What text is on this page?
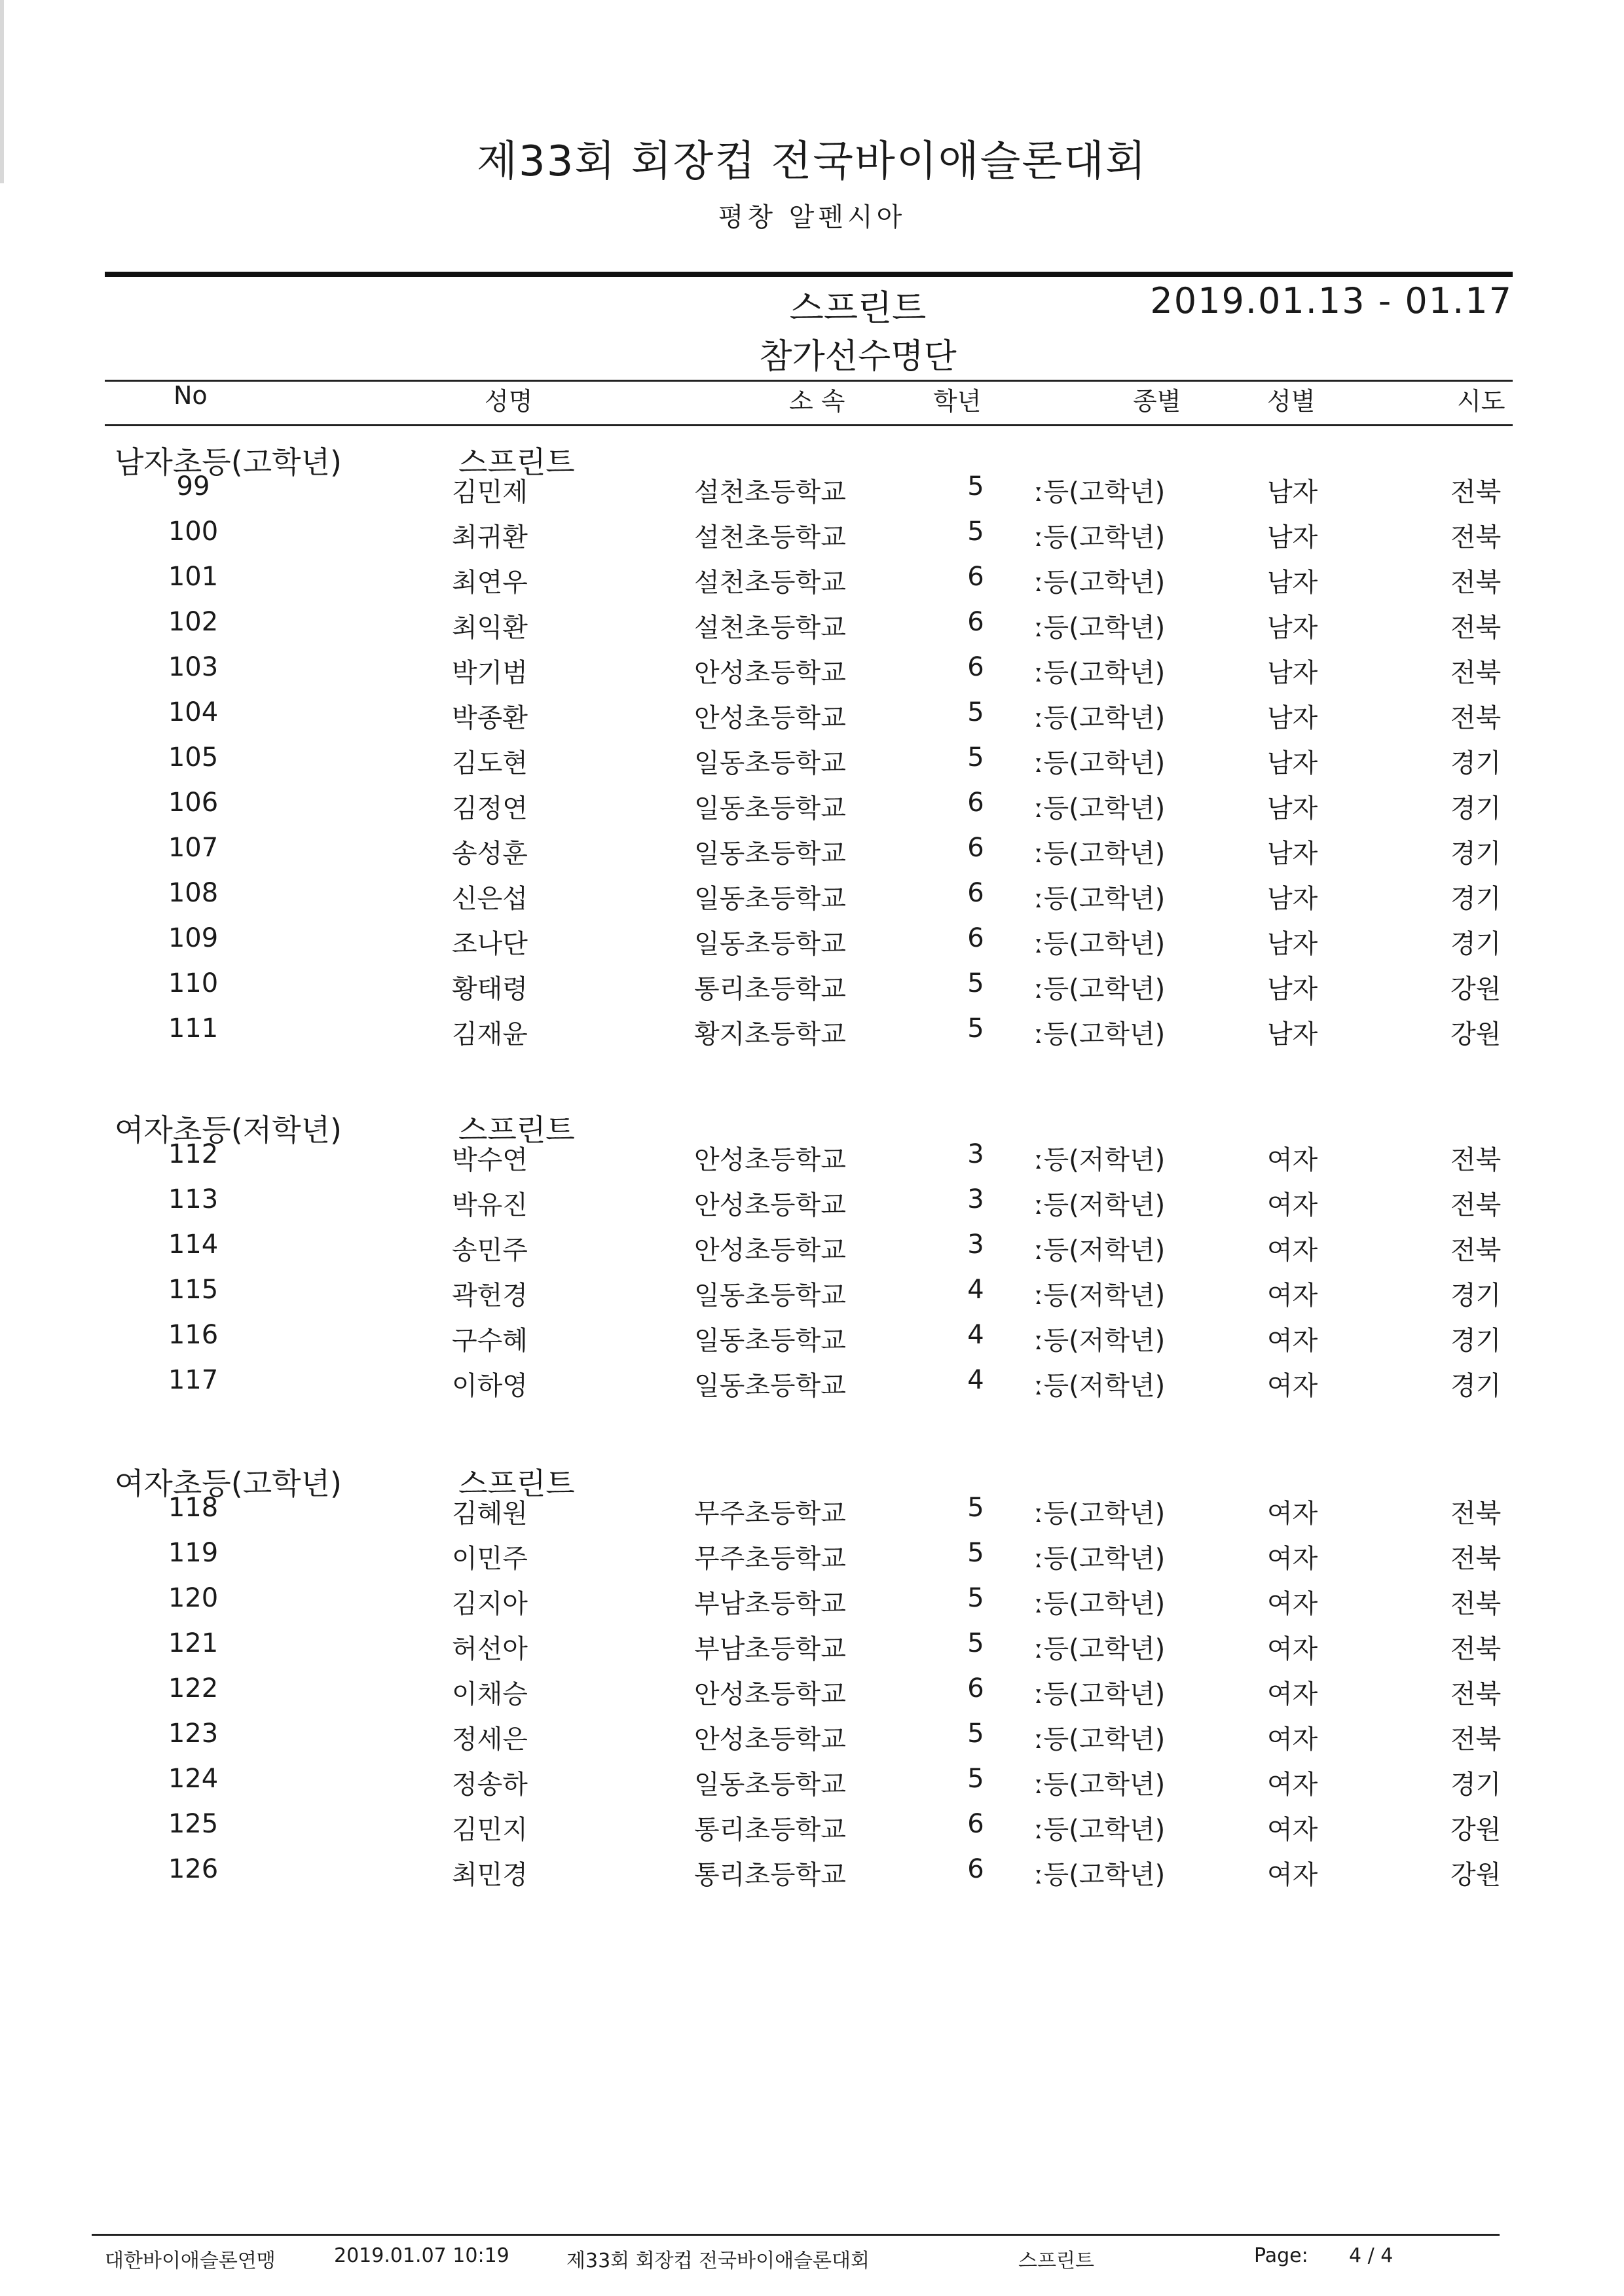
제33회 회장컵 전국바이애슬론대회
평창 알펜시아
스프린트	2019.01.13 - 01.17
참가선수명단
No	성명	소 속	학년	종별	성별	시도
남자초등(고학년)	스프린트
99	김민제	설천초등학교	5	ː등(고학년)	남자	전북
100	최귀환	설천초등학교	5	ː등(고학년)	남자	전북
101	최연우	설천초등학교	6	ː등(고학년)	남자	전북
102	최익환	설천초등학교	6	ː등(고학년)	남자	전북
103	박기범	안성초등학교	6	ː등(고학년)	남자	전북
104	박종환	안성초등학교	5	ː등(고학년)	남자	전북
105	김도현	일동초등학교	5	ː등(고학년)	남자	경기
106	김정연	일동초등학교	6	ː등(고학년)	남자	경기
107	송성훈	일동초등학교	6	ː등(고학년)	남자	경기
108	신은섭	일동초등학교	6	ː등(고학년)	남자	경기
109	조나단	일동초등학교	6	ː등(고학년)	남자	경기
110	황태령	통리초등학교	5	ː등(고학년)	남자	강원
111	김재윤	황지초등학교	5	ː등(고학년)	남자	강원
여자초등(저학년)	스프린트
112	박수연	안성초등학교	3	ː등(저학년)	여자	전북
113	박유진	안성초등학교	3	ː등(저학년)	여자	전북
114	송민주	안성초등학교	3	ː등(저학년)	여자	전북
115	곽헌경	일동초등학교	4	ː등(저학년)	여자	경기
116	구수혜	일동초등학교	4	ː등(저학년)	여자	경기
117	이하영	일동초등학교	4	ː등(저학년)	여자	경기
여자초등(고학년)	스프린트
118	김혜원	무주초등학교	5	ː등(고학년)	여자	전북
119	이민주	무주초등학교	5	ː등(고학년)	여자	전북
120	김지아	부남초등학교	5	ː등(고학년)	여자	전북
121	허선아	부남초등학교	5	ː등(고학년)	여자	전북
122	이채승	안성초등학교	6	ː등(고학년)	여자	전북
123	정세은	안성초등학교	5	ː등(고학년)	여자	전북
124	정송하	일동초등학교	5	ː등(고학년)	여자	경기
125	김민지	통리초등학교	6	ː등(고학년)	여자	강원
126	최민경	통리초등학교	6	ː등(고학년)	여자	강원
대한바이애슬론연맹	2019.01.07 10:19	제33회 회장컵 전국바이애슬론대회	스프린트	Page: 4 / 4
